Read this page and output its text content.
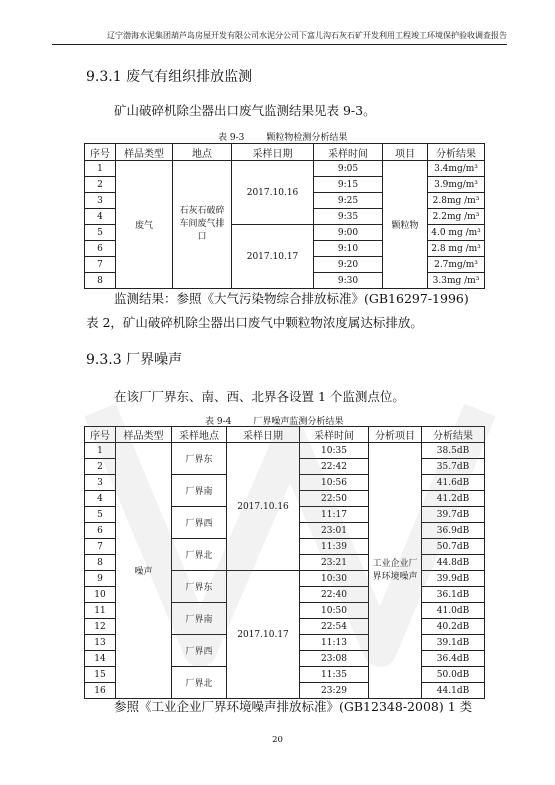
辽宁渤海水泥集团葫芦岛房屋开发有限公司水泥分公司下富儿沟石灰石矿开发利用工程竣工环境保护验收调查报告
9.3.1 废气有组织排放监测
矿山破碎机除尘器出口废气监测结果见表 9-3。
表 9-3 颗粒物检测分析结果
序号	样品类型	地点	采样日期	采样时间	项目	分析结果
1	废气	石灰石破碎车间废气排口	2017.10.16	9:05	颗粒物	3.4mg/m³
2				9:15		3.9mg/m³
3				9:25		2.8mg /m³
4				9:35		2.2mg /m³
5			2017.10.17	9:00		4.0 mg /m³
6				9:10		2.8 mg /m³
7				9:20		2.7mg/m³
8				9:30		3.3mg /m³
监测结果：参照《大气污染物综合排放标准》(GB16297-1996)
表 2，矿山破碎机除尘器出口废气中颗粒物浓度属达标排放。
9.3.3 厂界噪声
在该厂厂界东、南、西、北界各设置 1 个监测点位。
表 9-4 厂界噪声监测分析结果
序号	样品类型	采样地点	采样日期	采样时间	分析项目	分析结果
1	噪声	厂界东	2017.10.16	10:35	工业企业厂界环境噪声	38.5dB
2				22:42		35.7dB
3		厂界南		10:56		41.6dB
4				22:50		41.2dB
5		厂界西		11:17		39.7dB
6				23:01		36.9dB
7		厂界北		11:39		50.7dB
8				23:21		44.8dB
9		厂界东	2017.10.17	10:30		39.9dB
10				22:40		36.1dB
11		厂界南		10:50		41.0dB
12				22:54		40.2dB
13		厂界西		11:13		39.1dB
14				23:08		36.4dB
15		厂界北		11:35		50.0dB
16				23:29		44.1dB
参照《工业企业厂界环境噪声排放标准》(GB12348-2008) 1 类
20
